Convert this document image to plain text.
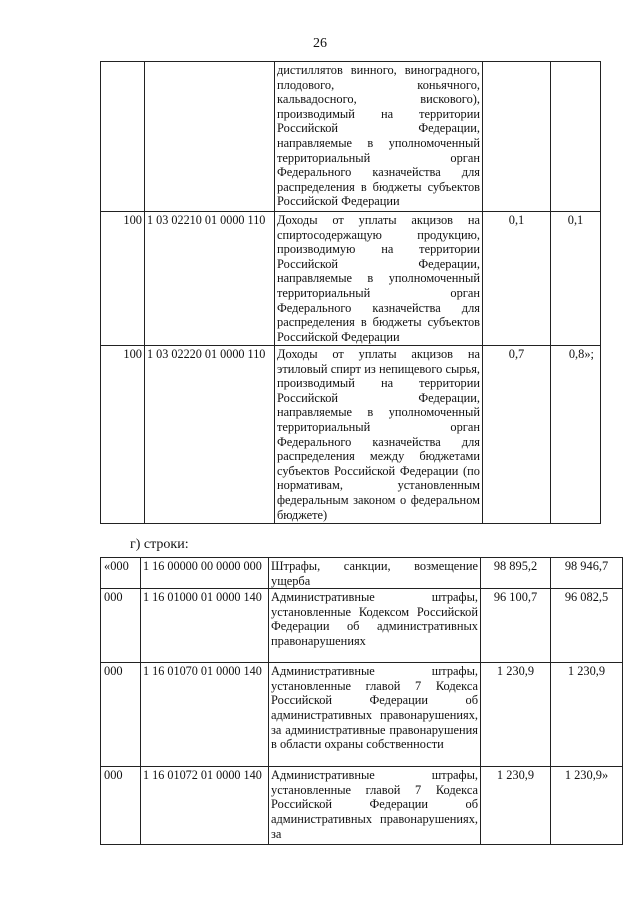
26
		дистиллятов винного, виноградного, плодового, коньячного, кальвадосного, вискового), производимый на территории Российской Федерации, направляемые в уполномоченный территориальный орган Федерального казначейства для распределения в бюджеты субъектов Российской Федерации		
100	1 03 02210 01 0000 110	Доходы от уплаты акцизов на спиртосодержащую продукцию, производимую на территории Российской Федерации, направляемые в уполномоченный территориальный орган Федерального казначейства для распределения в бюджеты субъектов Российской Федерации	0,1	0,1
100	1 03 02220 01 0000 110	Доходы от уплаты акцизов на этиловый спирт из непищевого сырья, производимый на территории Российской Федерации, направляемые в уполномоченный территориальный орган Федерального казначейства для распределения между бюджетами субъектов Российской Федерации (по нормативам, установленным федеральным законом о федеральном бюджете)	0,7	0,8»;
г) строки:
«000	1 16 00000 00 0000 000	Штрафы, санкции, возмещение ущерба	98 895,2	98 946,7
000	1 16 01000 01 0000 140	Административные штрафы, установленные Кодексом Российской Федерации об административных правонарушениях	96 100,7	96 082,5
000	1 16 01070 01 0000 140	Административные штрафы, установленные главой 7 Кодекса Российской Федерации об административных правонарушениях, за административные правонарушения в области охраны собственности	1 230,9	1 230,9
000	1 16 01072 01 0000 140	Административные штрафы, установленные главой 7 Кодекса Российской Федерации об административных правонарушениях, за	1 230,9	1 230,9»
